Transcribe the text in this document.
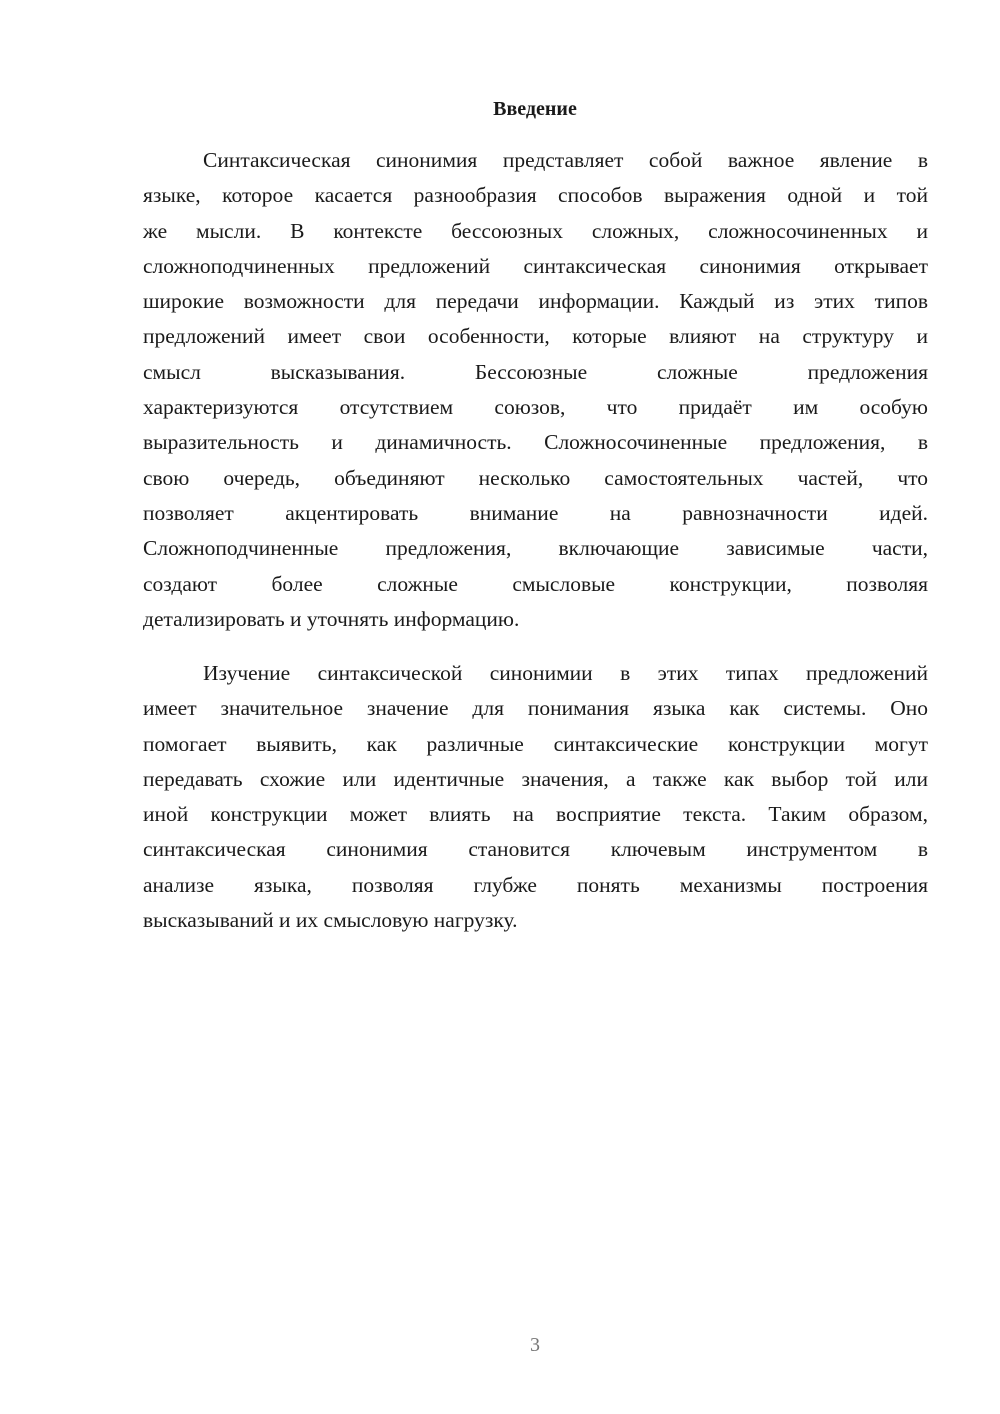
Введение
Синтаксическая синонимия представляет собой важное явление в
языке, которое касается разнообразия способов выражения одной и той
же мысли. В контексте бессоюзных сложных, сложносочиненных и
сложноподчиненных предложений синтаксическая синонимия открывает
широкие возможности для передачи информации. Каждый из этих типов
предложений имеет свои особенности, которые влияют на структуру и
смысл высказывания. Бессоюзные сложные предложения
характеризуются отсутствием союзов, что придаёт им особую
выразительность и динамичность. Сложносочиненные предложения, в
свою очередь, объединяют несколько самостоятельных частей, что
позволяет акцентировать внимание на равнозначности идей.
Сложноподчиненные предложения, включающие зависимые части,
создают более сложные смысловые конструкции, позволяя
детализировать и уточнять информацию.
Изучение синтаксической синонимии в этих типах предложений
имеет значительное значение для понимания языка как системы. Оно
помогает выявить, как различные синтаксические конструкции могут
передавать схожие или идентичные значения, а также как выбор той или
иной конструкции может влиять на восприятие текста. Таким образом,
синтаксическая синонимия становится ключевым инструментом в
анализе языка, позволяя глубже понять механизмы построения
высказываний и их смысловую нагрузку.
3
